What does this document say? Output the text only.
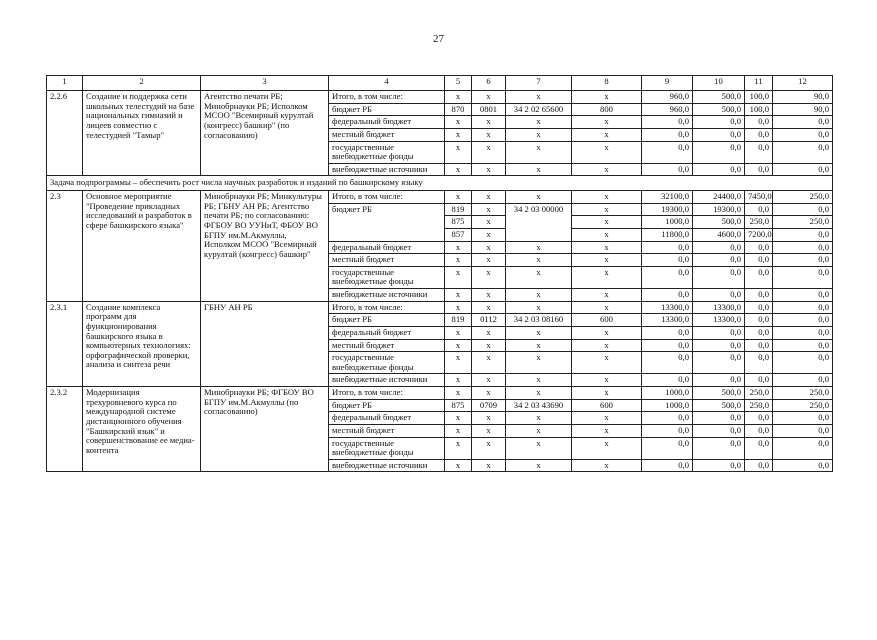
27
1	2	3	4	5	6	7	8	9	10	11	12
2.2.6	Создание и поддержка сети школьных телестудий на базе национальных гимназий и лицеев совместно с телестудией "Тамыр"	Агентство печати РБ; Минобрнауки РБ; Исполком МСОО "Всемирный курултай (конгресс) башкир" (по согласованию)	Итого, в том числе:	x	x	x	x	960,0	500,0	100,0	90,0
			бюджет РБ	870	0801	34 2 02 65600	800	960,0	500,0	100,0	90,0
			федеральный бюджет	x	x	x	x	0,0	0,0	0,0	0,0
			местный бюджет	x	x	x	x	0,0	0,0	0,0	0,0
			государственные внебюджетные фонды	x	x	x	x	0,0	0,0	0,0	0,0
			внебюджетные источники	x	x	x	x	0,0	0,0	0,0	0,0
Задача подпрограммы – обеспечить рост числа научных разработок и изданий по башкирскому языку											
2.3	Основное мероприятие "Проведение прикладных исследований и разработок в сфере башкирского языка"	Минобрнауки РБ; Минкультуры РБ; ГБНУ АН РБ; Агентство печати РБ; по согласованию: ФГБОУ ВО УУНиТ, ФБОУ ВО БГПУ им.М.Акмуллы, Исполком МСОО "Всемирный курултай (конгресс) башкир"	Итого, в том числе:	x	x	x	x	32100,0	24400,0	7450,0	250,0
			бюджет РБ	819	x	34 2 03 00000	x	19300,0	19300,0	0,0	0,0
				875	x		x	1000,0	500,0	250,0	250,0
				857	x		x	11800,0	4600,0	7200,0	0,0
			федеральный бюджет	x	x	x	x	0,0	0,0	0,0	0,0
			местный бюджет	x	x	x	x	0,0	0,0	0,0	0,0
			государственные внебюджетные фонды	x	x	x	x	0,0	0,0	0,0	0,0
			внебюджетные источники	x	x	x	x	0,0	0,0	0,0	0,0
2.3.1	Создание комплекса программ для функционирования башкирского языка в компьютерных технологиях: орфографической проверки, анализа и синтеза речи	ГБНУ АН РБ	Итого, в том числе:	x	x	x	x	13300,0	13300,0	0,0	0,0
			бюджет РБ	819	0112	34 2 03 08160	600	13300,0	13300,0	0,0	0,0
			федеральный бюджет	x	x	x	x	0,0	0,0	0,0	0,0
			местный бюджет	x	x	x	x	0,0	0,0	0,0	0,0
			государственные внебюджетные фонды	x	x	x	x	0,0	0,0	0,0	0,0
			внебюджетные источники	x	x	x	x	0,0	0,0	0,0	0,0
2.3.2	Модернизация трехуровневого курса по международной системе дистанционного обучения "Башкирский язык" и совершенствование ее медиа-контента	Минобрнауки РБ; ФГБОУ ВО БГПУ им.М.Акмуллы (по согласованию)	Итого, в том числе:	x	x	x	x	1000,0	500,0	250,0	250,0
			бюджет РБ	875	0709	34 2 03 43690	600	1000,0	500,0	250,0	250,0
			федеральный бюджет	x	x	x	x	0,0	0,0	0,0	0,0
			местный бюджет	x	x	x	x	0,0	0,0	0,0	0,0
			государственные внебюджетные фонды	x	x	x	x	0,0	0,0	0,0	0,0
			внебюджетные источники	x	x	x	x	0,0	0,0	0,0	0,0
